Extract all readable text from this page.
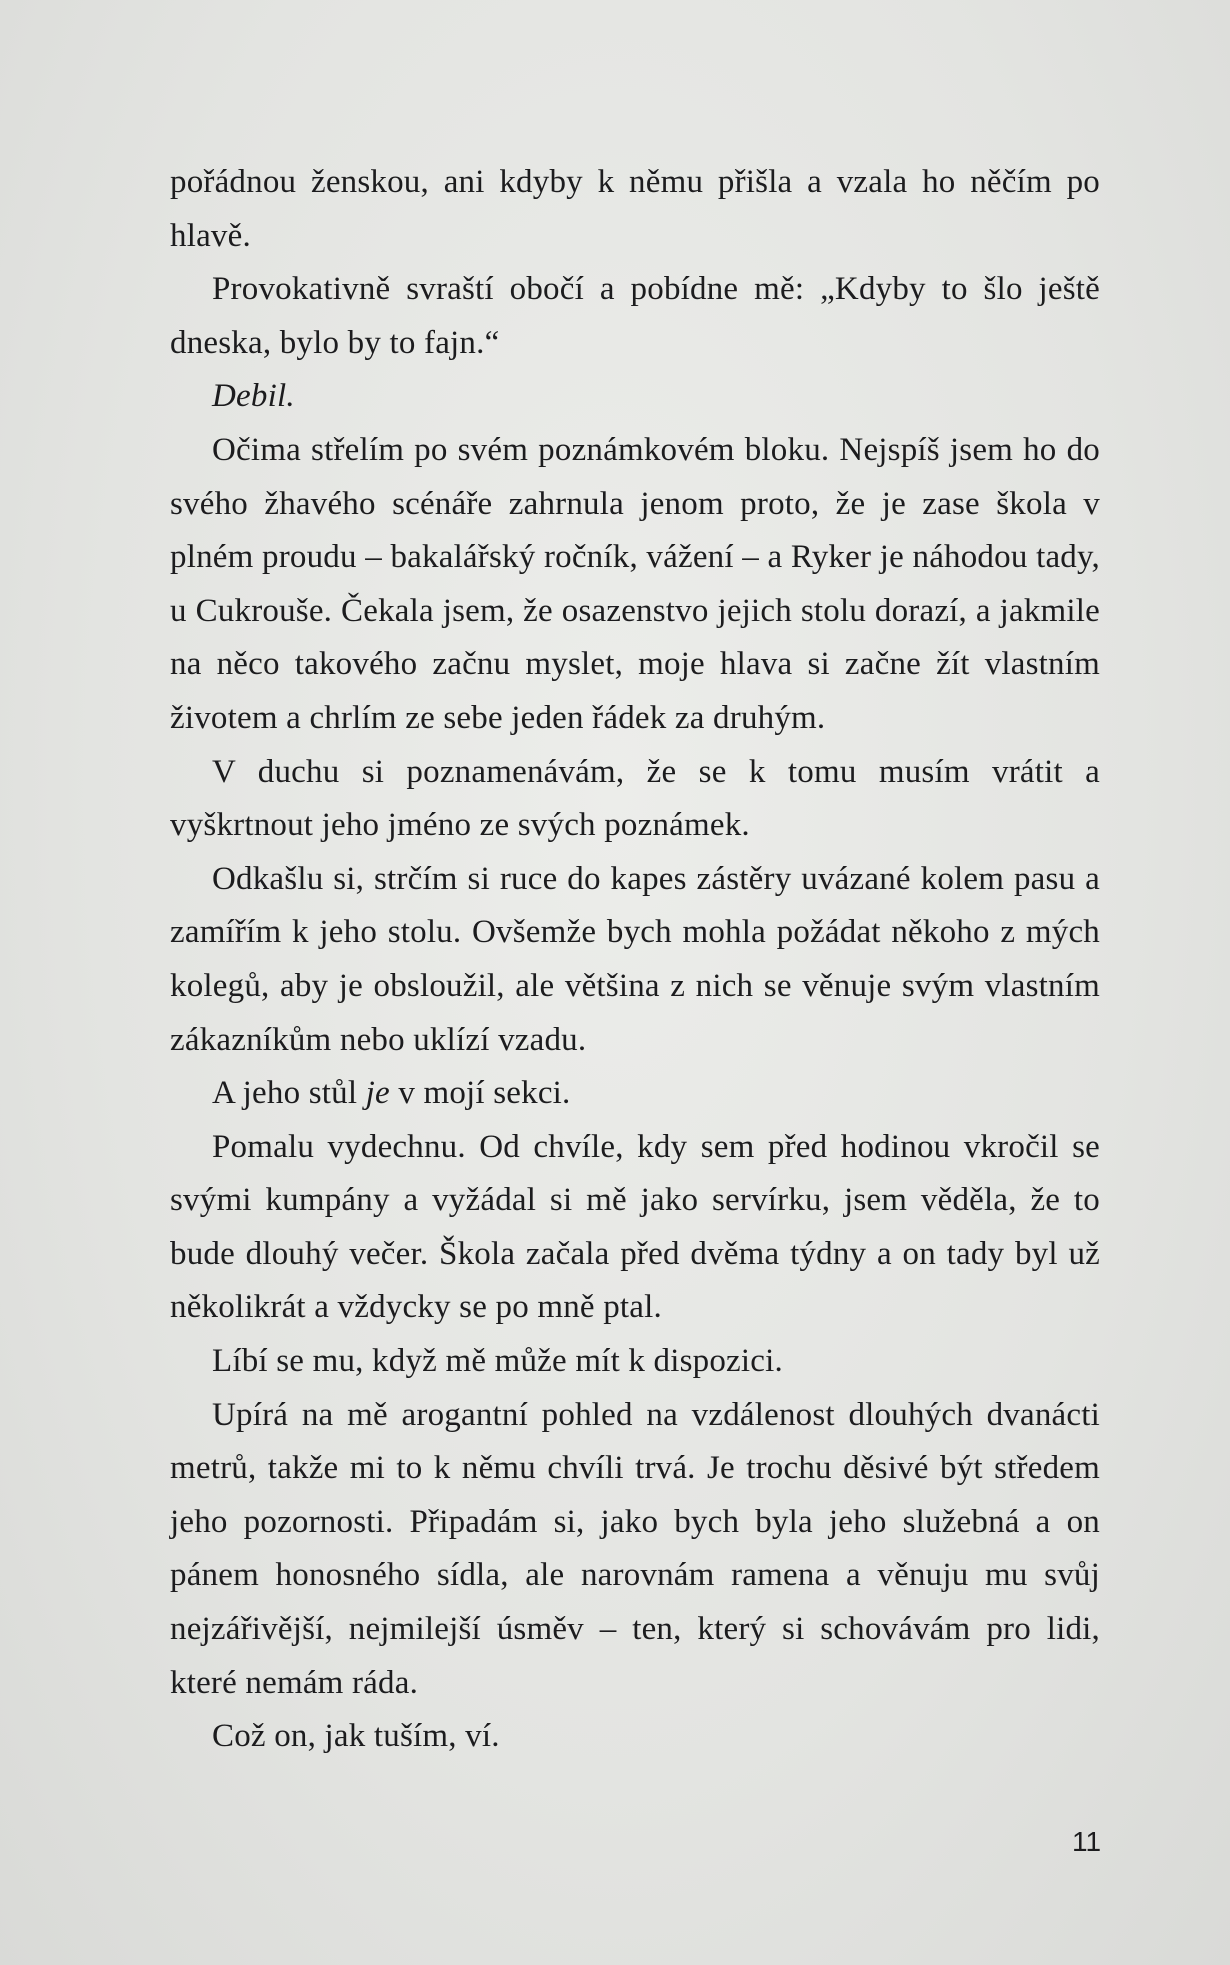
pořádnou ženskou, ani kdyby k němu přišla a vzala ho něčím po hlavě.

Provokativně svraští obočí a pobídne mě: „Kdyby to šlo ještě dneska, bylo by to fajn.“

Debil.

Očima střelím po svém poznámkovém bloku. Nejspíš jsem ho do svého žhavého scénáře zahrnula jenom proto, že je zase škola v plném proudu – bakalářský ročník, vážení – a Ryker je náhodou tady, u Cukrouše. Čekala jsem, že osazenstvo jejich stolu dorazí, a jakmile na něco takového začnu myslet, moje hlava si začne žít vlastním životem a chrlím ze sebe jeden řádek za druhým.

V duchu si poznamenávám, že se k tomu musím vrátit a vyškrtnout jeho jméno ze svých poznámek.

Odkašlu si, strčím si ruce do kapes zástěry uvázané kolem pasu a zamířím k jeho stolu. Ovšemže bych mohla požádat někoho z mých kolegů, aby je obsloužil, ale většina z nich se věnuje svým vlastním zákazníkům nebo uklízí vzadu.

A jeho stůl je v mojí sekci.

Pomalu vydechnu. Od chvíle, kdy sem před hodinou vkročil se svými kumpány a vyžádal si mě jako servírku, jsem věděla, že to bude dlouhý večer. Škola začala před dvěma týdny a on tady byl už několikrát a vždycky se po mně ptal.

Líbí se mu, když mě může mít k dispozici.

Upírá na mě arogantní pohled na vzdálenost dlouhých dvanácti metrů, takže mi to k němu chvíli trvá. Je trochu děsivé být středem jeho pozornosti. Připadám si, jako bych byla jeho služebná a on pánem honosného sídla, ale narovnám ramena a věnuju mu svůj nejzářivější, nejmilejší úsměv – ten, který si schovávám pro lidi, které nemám ráda.

Což on, jak tuším, ví.

11
